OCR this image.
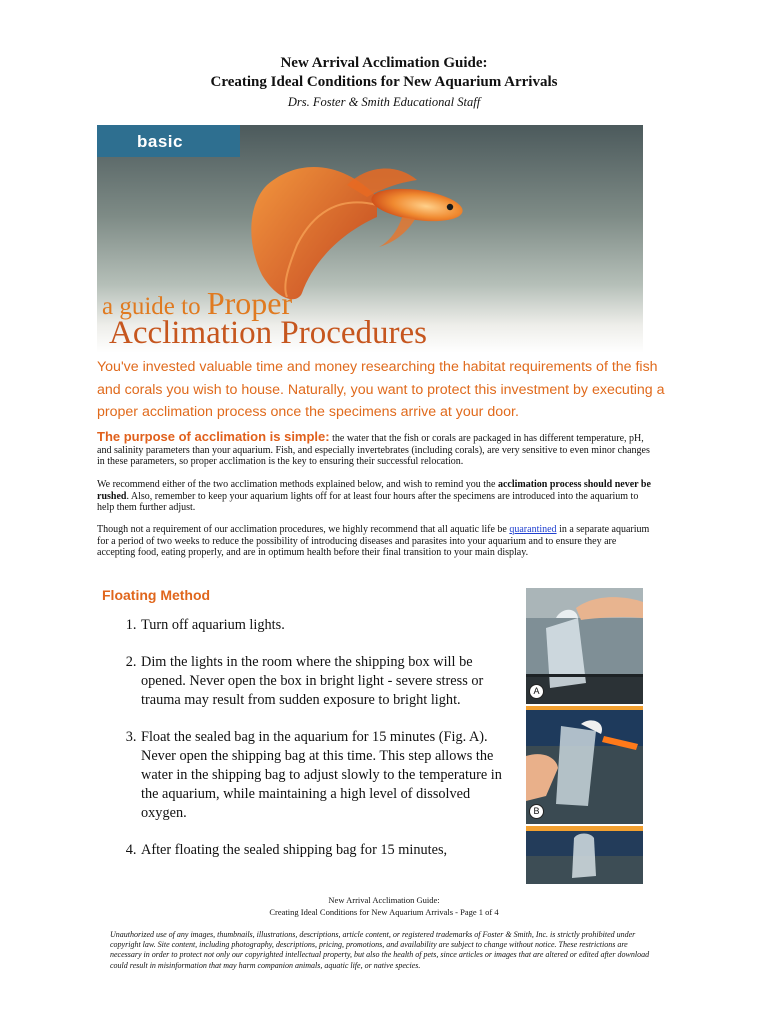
New Arrival Acclimation Guide:
Creating Ideal Conditions for New Aquarium Arrivals
Drs. Foster & Smith Educational Staff
basic
a guide to Proper
Acclimation Procedures
You've invested valuable time and money researching the habitat requirements of the fish and corals you wish to house. Naturally, you want to protect this investment by executing a proper acclimation process once the specimens arrive at your door.
The purpose of acclimation is simple: the water that the fish or corals are packaged in has different temperature, pH, and salinity parameters than your aquarium. Fish, and especially invertebrates (including corals), are very sensitive to even minor changes in these parameters, so proper acclimation is the key to ensuring their successful relocation.
We recommend either of the two acclimation methods explained below, and wish to remind you the acclimation process should never be rushed. Also, remember to keep your aquarium lights off for at least four hours after the specimens are introduced into the aquarium to help them further adjust.
Though not a requirement of our acclimation procedures, we highly recommend that all aquatic life be quarantined in a separate aquarium for a period of two weeks to reduce the possibility of introducing diseases and parasites into your aquarium and to ensure they are accepting food, eating properly, and are in optimum health before their final transition to your main display.
Floating Method
1. Turn off aquarium lights.
2. Dim the lights in the room where the shipping box will be opened. Never open the box in bright light - severe stress or trauma may result from sudden exposure to bright light.
3. Float the sealed bag in the aquarium for 15 minutes (Fig. A). Never open the shipping bag at this time. This step allows the water in the shipping bag to adjust slowly to the temperature in the aquarium, while maintaining a high level of dissolved oxygen.
4. After floating the sealed shipping bag for 15 minutes,
A
B
New Arrival Acclimation Guide:
Creating Ideal Conditions for New Aquarium Arrivals - Page 1 of 4
Unauthorized use of any images, thumbnails, illustrations, descriptions, article content, or registered trademarks of Foster & Smith, Inc. is strictly prohibited under copyright law. Site content, including photography, descriptions, pricing, promotions, and availability are subject to change without notice. These restrictions are necessary in order to protect not only our copyrighted intellectual property, but also the health of pets, since articles or images that are altered or edited after download could result in misinformation that may harm companion animals, aquatic life, or native species.
